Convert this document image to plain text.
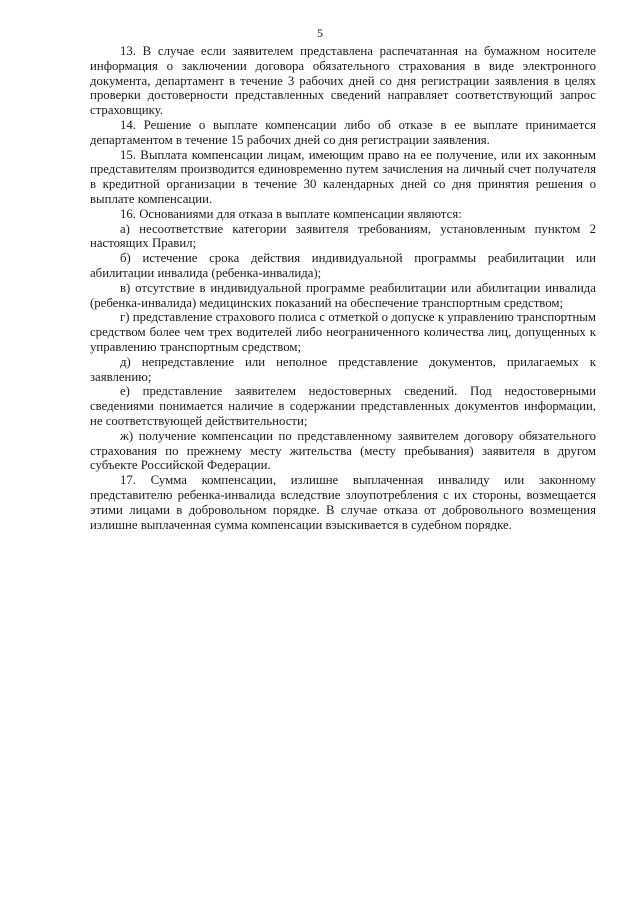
5

13. В случае если заявителем представлена распечатанная на бумажном носителе информация о заключении договора обязательного страхования в виде электронного документа, департамент в течение 3 рабочих дней со дня регистрации заявления в целях проверки достоверности представленных сведений направляет соответствующий запрос страховщику.

14. Решение о выплате компенсации либо об отказе в ее выплате принимается департаментом в течение 15 рабочих дней со дня регистрации заявления.

15. Выплата компенсации лицам, имеющим право на ее получение, или их законным представителям производится единовременно путем зачисления на личный счет получателя в кредитной организации в течение 30 календарных дней со дня принятия решения о выплате компенсации.

16. Основаниями для отказа в выплате компенсации являются:

а) несоответствие категории заявителя требованиям, установленным пунктом 2 настоящих Правил;

б) истечение срока действия индивидуальной программы реабилитации или абилитации инвалида (ребенка-инвалида);

в) отсутствие в индивидуальной программе реабилитации или абилитации инвалида (ребенка-инвалида) медицинских показаний на обеспечение транспортным средством;

г) представление страхового полиса с отметкой о допуске к управлению транспортным средством более чем трех водителей либо неограниченного количества лиц, допущенных к управлению транспортным средством;

д) непредставление или неполное представление документов, прилагаемых к заявлению;

е) представление заявителем недостоверных сведений. Под недостоверными сведениями понимается наличие в содержании представленных документов информации, не соответствующей действительности;

ж) получение компенсации по представленному заявителем договору обязательного страхования по прежнему месту жительства (месту пребывания) заявителя в другом субъекте Российской Федерации.

17. Сумма компенсации, излишне выплаченная инвалиду или законному представителю ребенка-инвалида вследствие злоупотребления с их стороны, возмещается этими лицами в добровольном порядке. В случае отказа от добровольного возмещения излишне выплаченная сумма компенсации взыскивается в судебном порядке.
